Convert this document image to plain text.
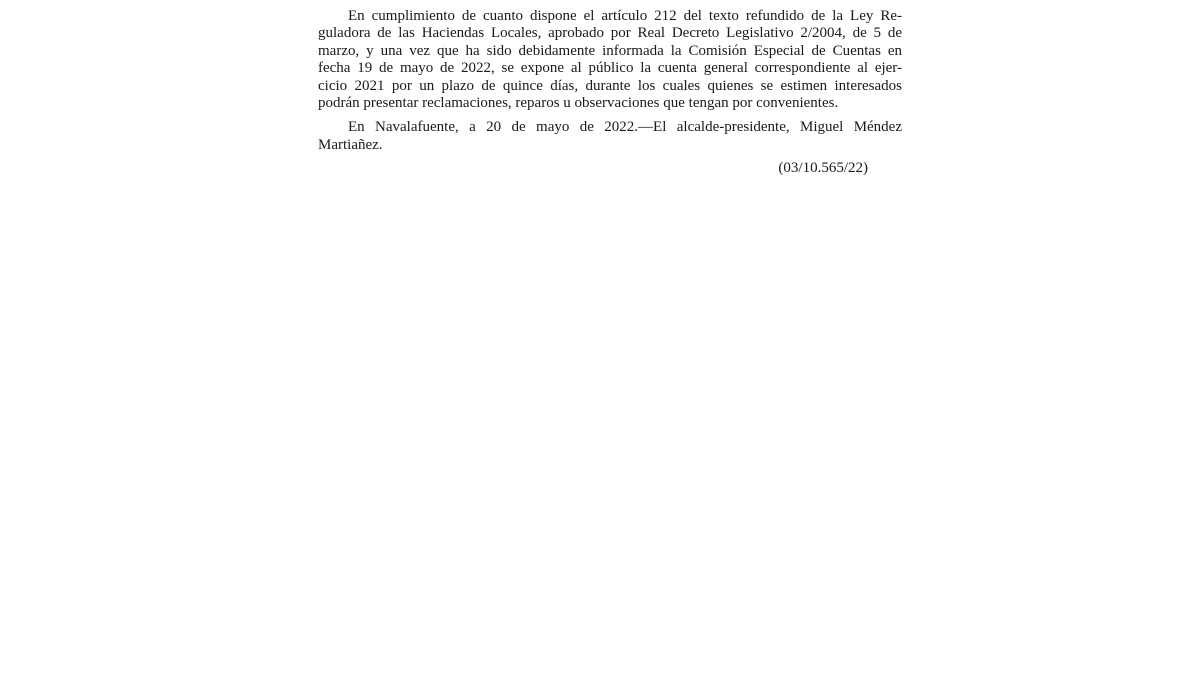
En cumplimiento de cuanto dispone el artículo 212 del texto refundido de la Ley Re-
guladora de las Haciendas Locales, aprobado por Real Decreto Legislativo 2/2004, de 5 de
marzo, y una vez que ha sido debidamente informada la Comisión Especial de Cuentas en
fecha 19 de mayo de 2022, se expone al público la cuenta general correspondiente al ejer-
cicio 2021 por un plazo de quince días, durante los cuales quienes se estimen interesados
podrán presentar reclamaciones, reparos u observaciones que tengan por convenientes.
En Navalafuente, a 20 de mayo de 2022.—El alcalde-presidente, Miguel Méndez
Martiañez.
(03/10.565/22)
